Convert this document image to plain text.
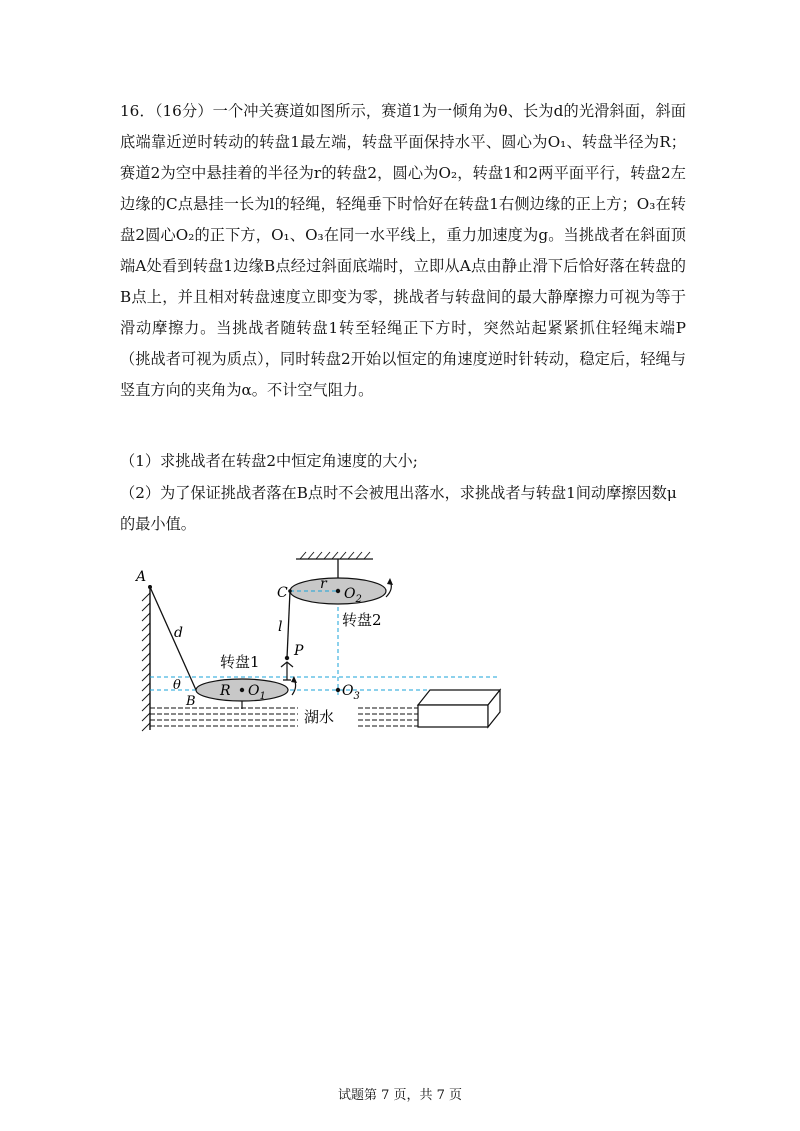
16．（16分）一个冲关赛道如图所示，赛道1为一倾角为θ、长为d的光滑斜面，斜面底端靠近逆时转动的转盘1最左端，转盘平面保持水平、圆心为O₁、转盘半径为R；赛道2为空中悬挂着的半径为r的转盘2，圆心为O₂，转盘1和2两平面平行，转盘2左边缘的C点悬挂一长为l的轻绳，轻绳垂下时恰好在转盘1右侧边缘的正上方；O₃在转盘2圆心O₂的正下方，O₁、O₃在同一水平线上，重力加速度为g。当挑战者在斜面顶端A处看到转盘1边缘B点经过斜面底端时，立即从A点由静止滑下后恰好落在转盘的B点上，并且相对转盘速度立即变为零，挑战者与转盘间的最大静摩擦力可视为等于滑动摩擦力。当挑战者随转盘1转至轻绳正下方时，突然站起紧紧抓住轻绳末端P（挑战者可视为质点），同时转盘2开始以恒定的角速度逆时针转动，稳定后，轻绳与竖直方向的夹角为α。不计空气阻力。

（1）求挑战者在转盘2中恒定角速度的大小;
（2）为了保证挑战者落在B点时不会被甩出落水，求挑战者与转盘1间动摩擦因数μ的最小值。
A
d
θ	R $O_1$
B
转盘1
P
C
r
$O_2$
转盘2
l
$O_3$
湖水
试题第 7 页，共 7 页
